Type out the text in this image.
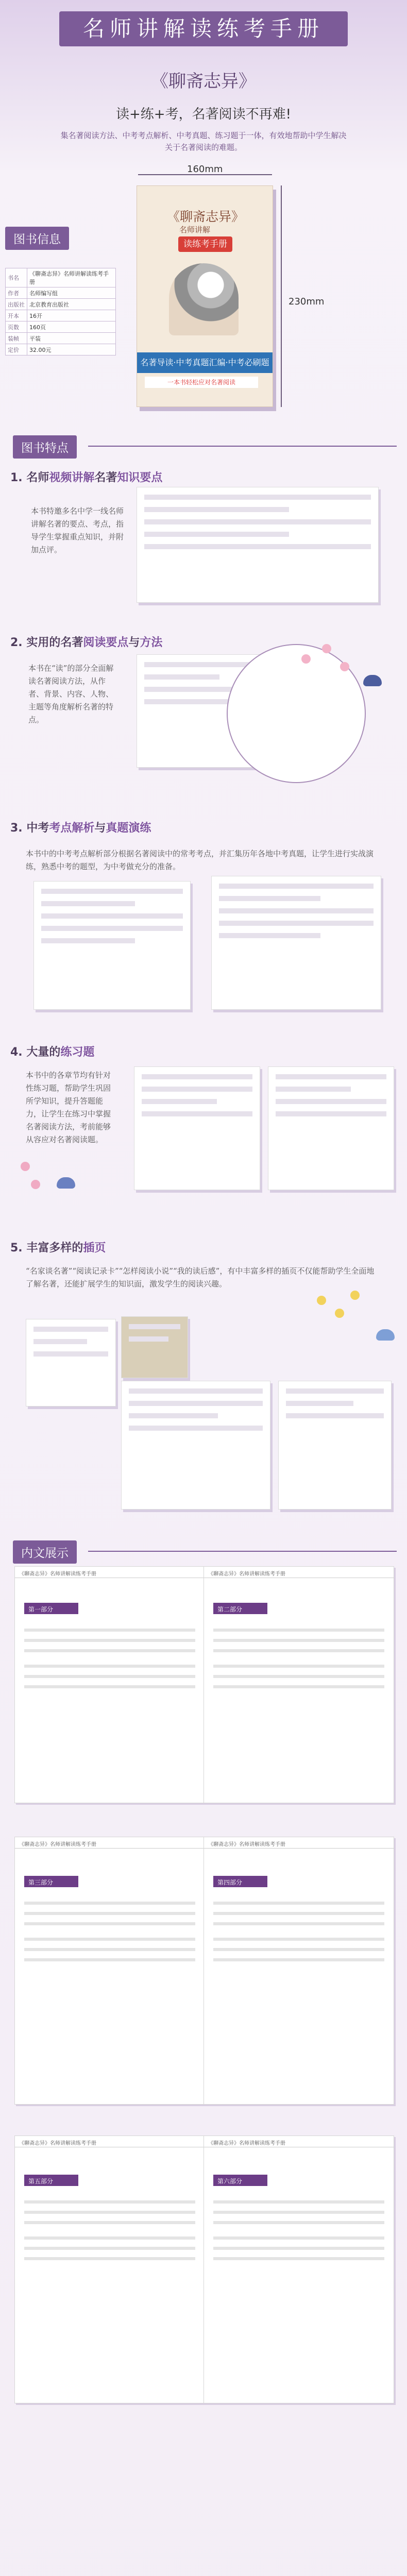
名师讲解读练考手册
《聊斋志异》
读+练+考，名著阅读不再难!
集名著阅读方法、中考考点解析、中考真题、练习题于一体，有效地帮助中学生解决关于名著阅读的难题。
160mm
230mm
《聊斋志异》
名师讲解
读练考手册
名著导读·中考真题汇编·中考必刷题
一本书轻松应对名著阅读
图书信息
书名	《聊斋志异》名师讲解读练考手册
作者	名师编写组
出版社	北京教育出版社
开本	16开
页数	160页
装帧	平装
定价	32.00元
图书特点
1. 名师视频讲解名著知识要点
本书特邀多名中学一线名师讲解名著的要点、考点，指导学生掌握重点知识，并附加点评。
2. 实用的名著阅读要点与方法
本书在“读”的部分全面解读名著阅读方法，从作者、背景、内容、人物、主题等角度解析名著的特点。
3. 中考考点解析与真题演练
本书中的中考考点解析部分根据名著阅读中的常考考点，并汇集历年各地中考真题，让学生进行实战演练，熟悉中考的题型，为中考做充分的准备。
4. 大量的练习题
本书中的各章节均有针对性练习题，帮助学生巩固所学知识，提升答题能力，让学生在练习中掌握名著阅读方法，考前能够从容应对名著阅读题。
5. 丰富多样的插页
“名家谈名著”“阅读记录卡”“怎样阅读小说”“我的读后感”，有中丰富多样的插页不仅能帮助学生全面地了解名著，还能扩展学生的知识面，激发学生的阅读兴趣。
内文展示
《聊斋志异》名师讲解读练考手册
第一部分
《聊斋志异》名师讲解读练考手册
第二部分
《聊斋志异》名师讲解读练考手册
第三部分
《聊斋志异》名师讲解读练考手册
第四部分
《聊斋志异》名师讲解读练考手册
第五部分
《聊斋志异》名师讲解读练考手册
第六部分
